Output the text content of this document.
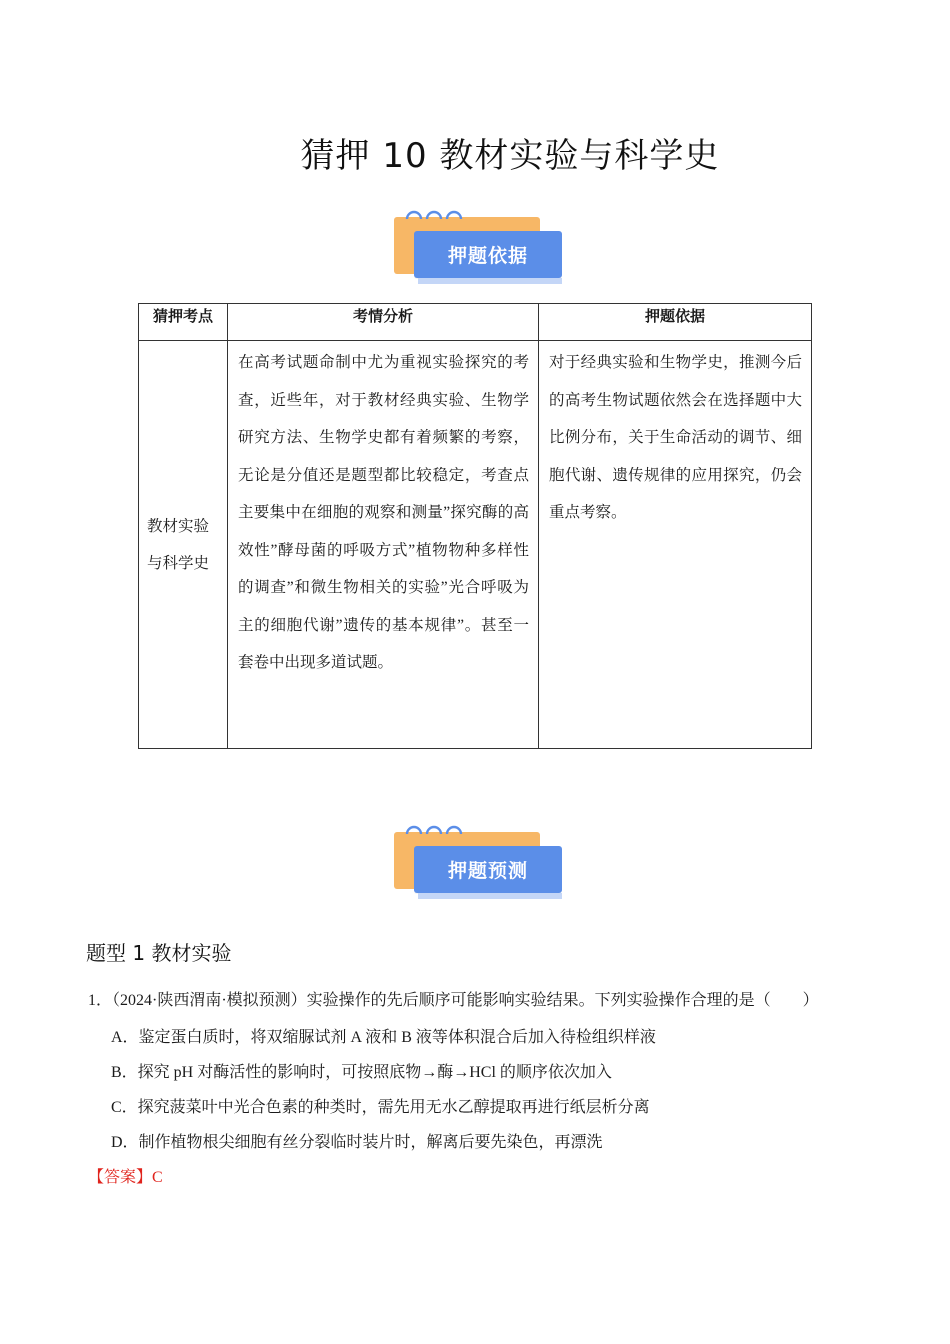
猜押 10 教材实验与科学史
押题依据
猜押考点	考情分析	押题依据
教材实验与科学史	在高考试题命制中尤为重视实验探究的考查，近些年，对于教材经典实验、生物学研究方法、生物学史都有着频繁的考察，无论是分值还是题型都比较稳定，考查点主要集中在细胞的观察和测量”探究酶的高效性”酵母菌的呼吸方式”植物物种多样性的调查”和微生物相关的实验”光合呼吸为主的细胞代谢”遗传的基本规律”。甚至一套卷中出现多道试题。	对于经典实验和生物学史，推测今后的高考生物试题依然会在选择题中大比例分布，关于生命活动的调节、细胞代谢、遗传规律的应用探究，仍会重点考察。
押题预测
题型 1 教材实验
1．（2024·陕西渭南·模拟预测）实验操作的先后顺序可能影响实验结果。下列实验操作合理的是（　　）
A．鉴定蛋白质时，将双缩脲试剂 A 液和 B 液等体积混合后加入待检组织样液
B．探究 pH 对酶活性的影响时，可按照底物→酶→HCl 的顺序依次加入
C．探究菠菜叶中光合色素的种类时，需先用无水乙醇提取再进行纸层析分离
D．制作植物根尖细胞有丝分裂临时装片时，解离后要先染色，再漂洗
【答案】C
